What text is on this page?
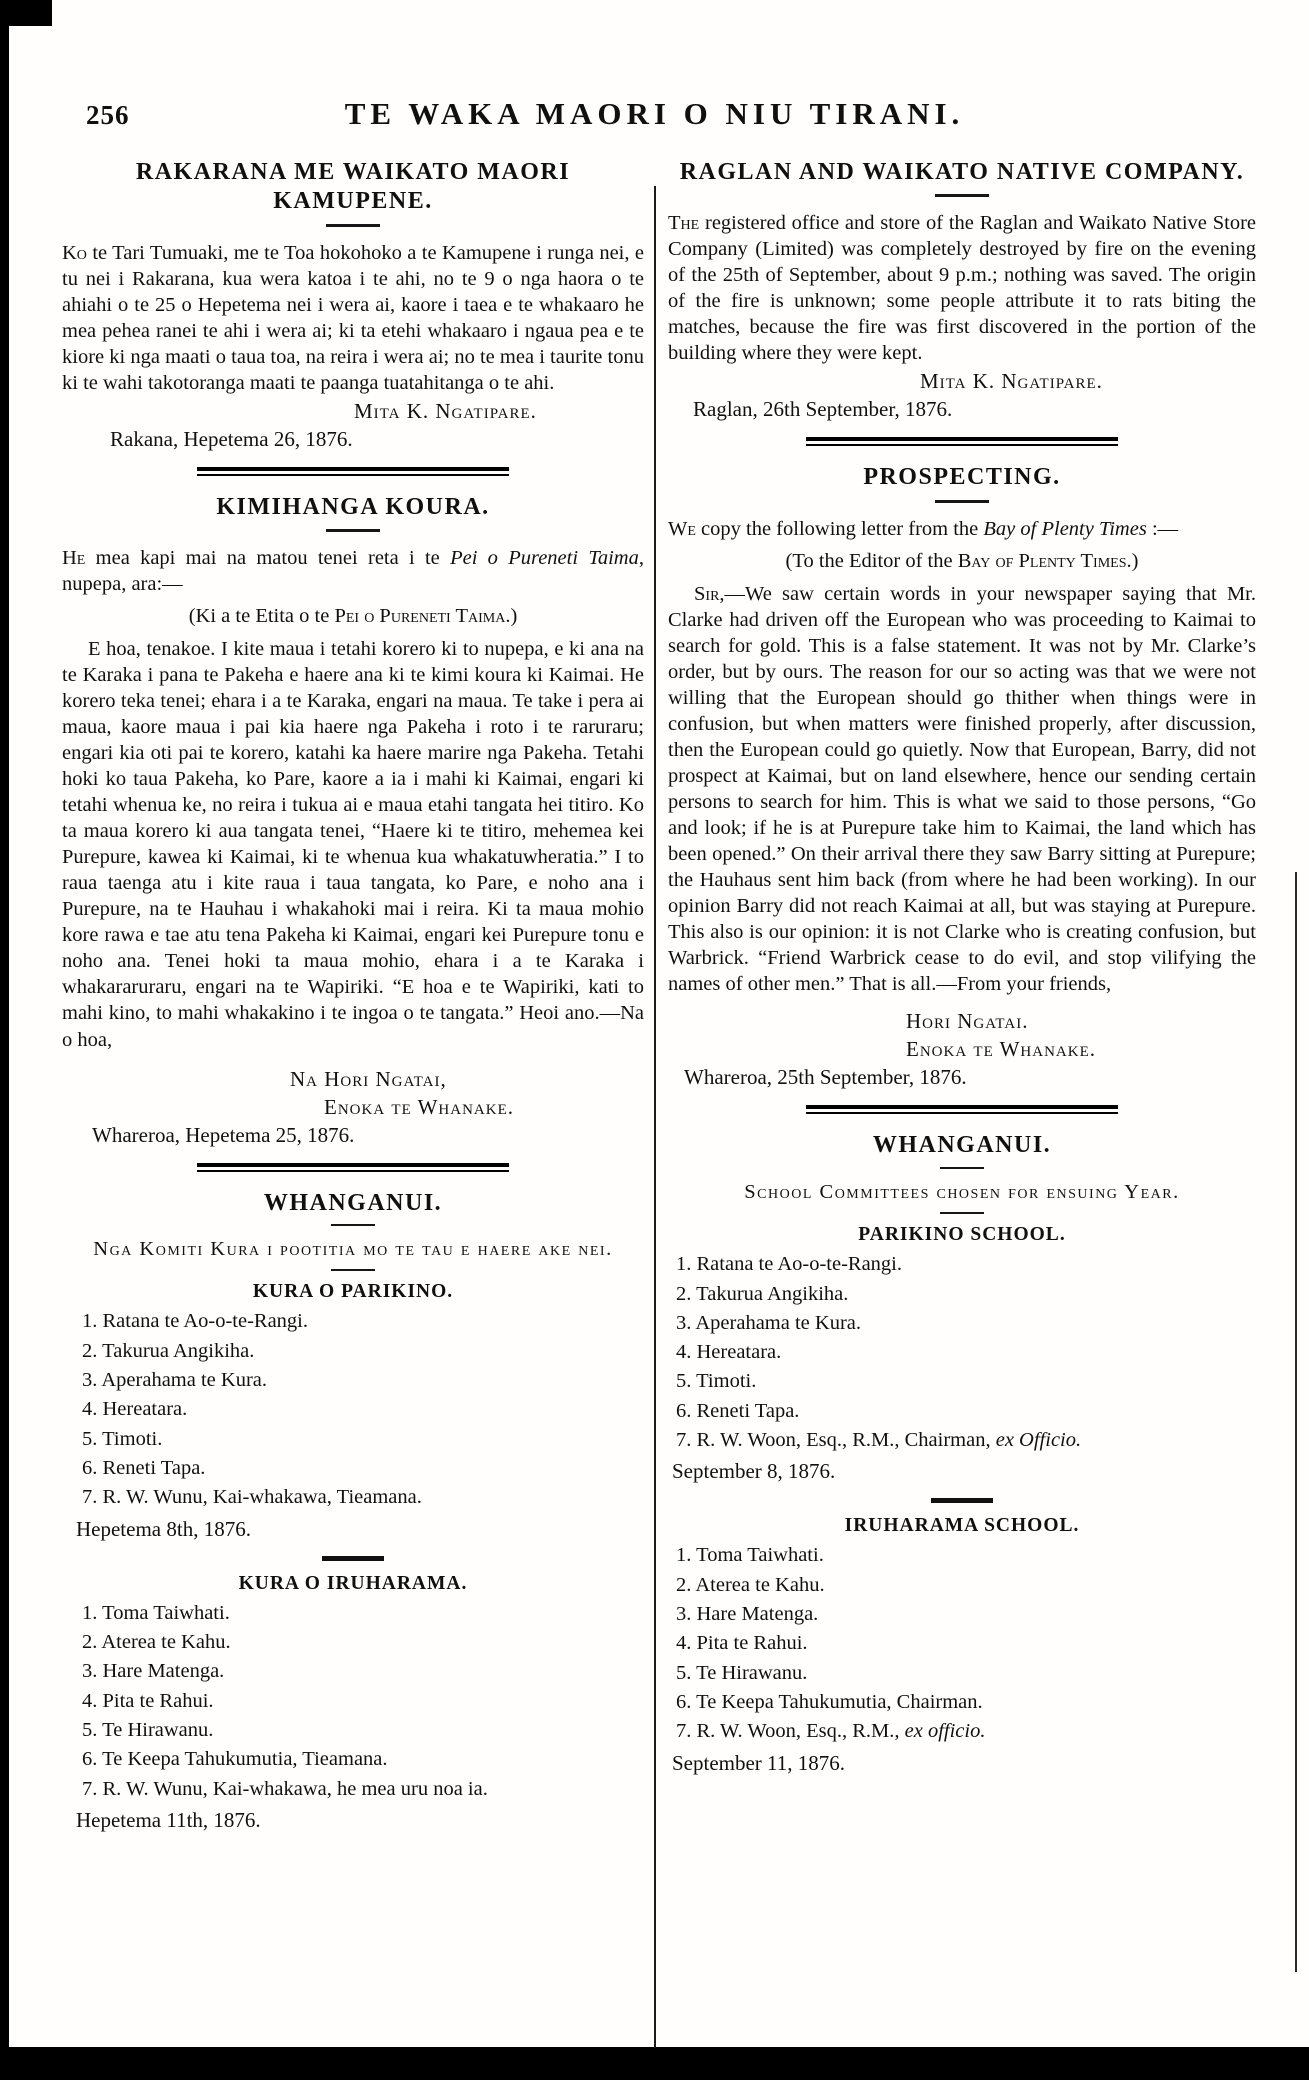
256	TE WAKA MAORI O NIU TIRANI.
RAKARANA ME WAIKATO MAORI KAMUPENE.

Ko te Tari Tumuaki, me te Toa hokohoko a te Kamupene i runga nei, e tu nei i Rakarana, kua wera katoa i te ahi, no te 9 o nga haora o te ahiahi o te 25 o Hepetema nei i wera ai, kaore i taea e te whakaaro he mea pehea ranei te ahi i wera ai; ki ta etehi whakaaro i ngaua pea e te kiore ki nga maati o taua toa, na reira i wera ai; no te mea i taurite tonu ki te wahi takotoranga maati te paanga tuatahitanga o te ahi.

Mita K. Ngatipare.

Rakana, Hepetema 26, 1876.

KIMIHANGA KOURA.

He mea kapi mai na matou tenei reta i te Pei o Pureneti Taima, nupepa, ara:—

(Ki a te Etita o te Pei o Pureneti Taima.)

E hoa, tenakoe. I kite maua i tetahi korero ki to nupepa, e ki ana na te Karaka i pana te Pakeha e haere ana ki te kimi koura ki Kaimai. He korero teka tenei; ehara i a te Karaka, engari na maua. Te take i pera ai maua, kaore maua i pai kia haere nga Pakeha i roto i te raruraru; engari kia oti pai te korero, katahi ka haere marire nga Pakeha. Tetahi hoki ko taua Pakeha, ko Pare, kaore a ia i mahi ki Kaimai, engari ki tetahi whenua ke, no reira i tukua ai e maua etahi tangata hei titiro. Ko ta maua korero ki aua tangata tenei, “Haere ki te titiro, mehemea kei Purepure, kawea ki Kaimai, ki te whenua kua whakatuwheratia.” I to raua taenga atu i kite raua i taua tangata, ko Pare, e noho ana i Purepure, na te Hauhau i whakahoki mai i reira. Ki ta maua mohio kore rawa e tae atu tena Pakeha ki Kaimai, engari kei Purepure tonu e noho ana. Tenei hoki ta maua mohio, ehara i a te Karaka i whakararuraru, engari na te Wapiriki. “E hoa e te Wapiriki, kati to mahi kino, to mahi whakakino i te ingoa o te tangata.” Heoi ano.—Na o hoa,

Na Hori Ngatai,

Enoka te Whanake.

Whareroa, Hepetema 25, 1876.

WHANGANUI.

Nga Komiti Kura i pootitia mo te tau e haere ake nei.

KURA O PARIKINO.
1. Ratana te Ao-o-te-Rangi.
2. Takurua Angikiha.
3. Aperahama te Kura.
4. Hereatara.
5. Timoti.
6. Reneti Tapa.
7. R. W. Wunu, Kai-whakawa, Tieamana.

Hepetema 8th, 1876.

KURA O IRUHARAMA.
1. Toma Taiwhati.
2. Aterea te Kahu.
3. Hare Matenga.
4. Pita te Rahui.
5. Te Hirawanu.
6. Te Keepa Tahukumutia, Tieamana.
7. R. W. Wunu, Kai-whakawa, he mea uru noa ia.

Hepetema 11th, 1876.

RAGLAN AND WAIKATO NATIVE COMPANY.

The registered office and store of the Raglan and Waikato Native Store Company (Limited) was completely destroyed by fire on the evening of the 25th of September, about 9 p.m.; nothing was saved. The origin of the fire is unknown; some people attribute it to rats biting the matches, because the fire was first discovered in the portion of the building where they were kept.

Mita K. Ngatipare.

Raglan, 26th September, 1876.

PROSPECTING.

We copy the following letter from the Bay of Plenty Times :—

(To the Editor of the Bay of Plenty Times.)

Sir,—We saw certain words in your newspaper saying that Mr. Clarke had driven off the European who was proceeding to Kaimai to search for gold. This is a false statement. It was not by Mr. Clarke’s order, but by ours. The reason for our so acting was that we were not willing that the European should go thither when things were in confusion, but when matters were finished properly, after discussion, then the European could go quietly. Now that European, Barry, did not prospect at Kaimai, but on land elsewhere, hence our sending certain persons to search for him. This is what we said to those persons, “Go and look; if he is at Purepure take him to Kaimai, the land which has been opened.” On their arrival there they saw Barry sitting at Purepure; the Hauhaus sent him back (from where he had been working). In our opinion Barry did not reach Kaimai at all, but was staying at Purepure. This also is our opinion: it is not Clarke who is creating confusion, but Warbrick. “Friend Warbrick cease to do evil, and stop vilifying the names of other men.” That is all.—From your friends,

Hori Ngatai.

Enoka te Whanake.

Whareroa, 25th September, 1876.

WHANGANUI.

School Committees chosen for ensuing Year.

PARIKINO SCHOOL.
1. Ratana te Ao-o-te-Rangi.
2. Takurua Angikiha.
3. Aperahama te Kura.
4. Hereatara.
5. Timoti.
6. Reneti Tapa.
7. R. W. Woon, Esq., R.M., Chairman, ex Officio.

September 8, 1876.

IRUHARAMA SCHOOL.
1. Toma Taiwhati.
2. Aterea te Kahu.
3. Hare Matenga.
4. Pita te Rahui.
5. Te Hirawanu.
6. Te Keepa Tahukumutia, Chairman.
7. R. W. Woon, Esq., R.M., ex officio.

September 11, 1876.
